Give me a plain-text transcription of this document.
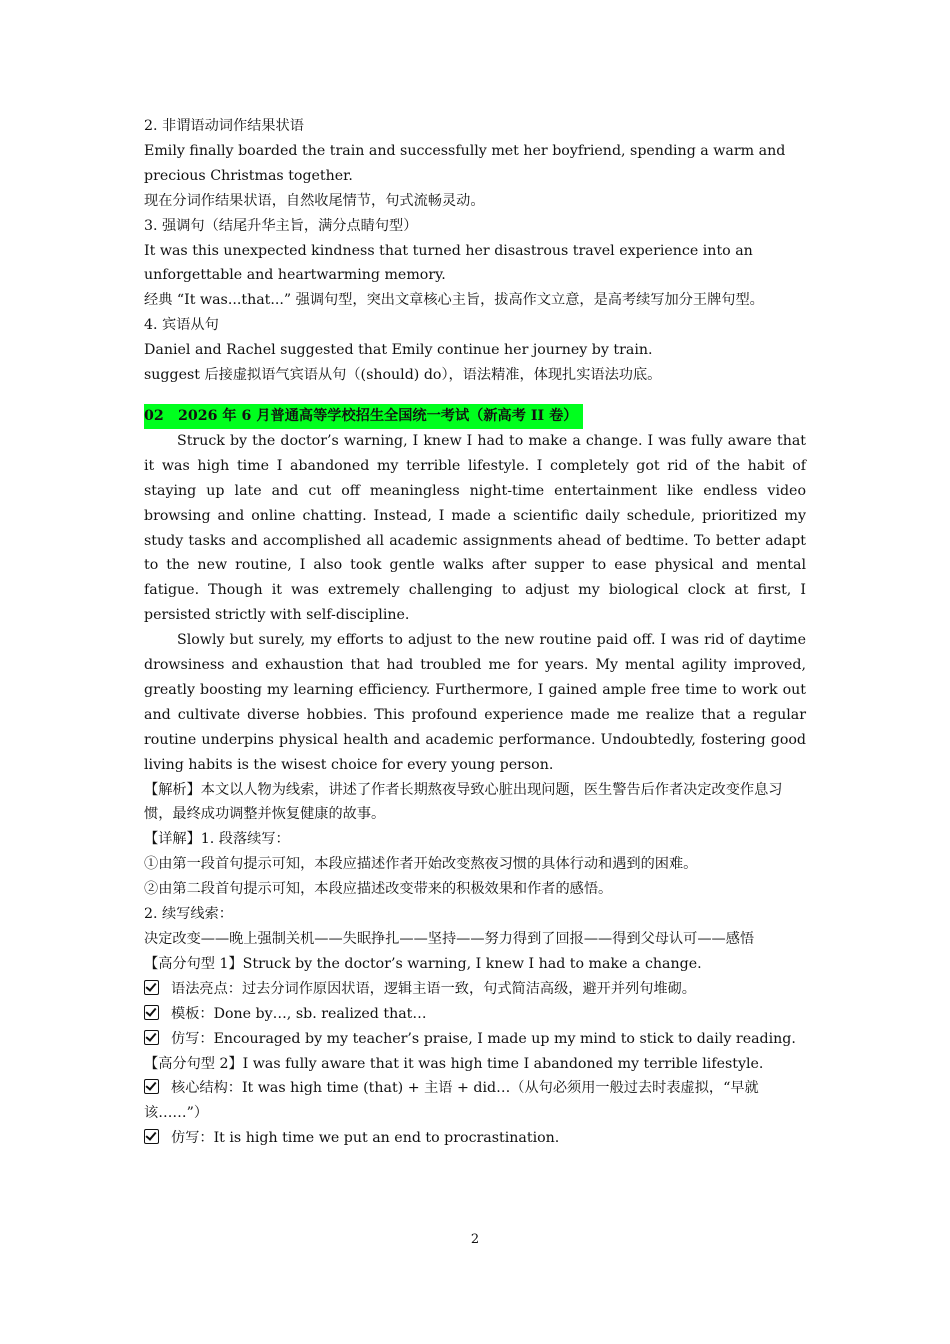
2. 非谓语动词作结果状语

Emily finally boarded the train and successfully met her boyfriend, spending a warm and precious Christmas together.

现在分词作结果状语，自然收尾情节，句式流畅灵动。

3. 强调句（结尾升华主旨，满分点睛句型）

It was this unexpected kindness that turned her disastrous travel experience into an unforgettable and heartwarming memory.

经典 “It was...that...” 强调句型，突出文章核心主旨，拔高作文立意，是高考续写加分王牌句型。

4. 宾语从句

Daniel and Rachel suggested that Emily continue her journey by train.

suggest 后接虚拟语气宾语从句（(should) do），语法精准，体现扎实语法功底。

02 2026 年 6 月普通高等学校招生全国统一考试（新高考 II 卷）

Struck by the doctor’s warning, I knew I had to make a change. I was fully aware that it was high time I abandoned my terrible lifestyle. I completely got rid of the habit of staying up late and cut off meaningless night-time entertainment like endless video browsing and online chatting. Instead, I made a scientific daily schedule, prioritized my study tasks and accomplished all academic assignments ahead of bedtime. To better adapt to the new routine, I also took gentle walks after supper to ease physical and mental fatigue. Though it was extremely challenging to adjust my biological clock at first, I persisted strictly with self-discipline.

Slowly but surely, my efforts to adjust to the new routine paid off. I was rid of daytime drowsiness and exhaustion that had troubled me for years. My mental agility improved, greatly boosting my learning efficiency. Furthermore, I gained ample free time to work out and cultivate diverse hobbies. This profound experience made me realize that a regular routine underpins physical health and academic performance. Undoubtedly, fostering good living habits is the wisest choice for every young person.

【解析】本文以人物为线索，讲述了作者长期熬夜导致心脏出现问题，医生警告后作者决定改变作息习惯，最终成功调整并恢复健康的故事。

【详解】1. 段落续写：

①由第一段首句提示可知，本段应描述作者开始改变熬夜习惯的具体行动和遇到的困难。

②由第二段首句提示可知，本段应描述改变带来的积极效果和作者的感悟。

2. 续写线索：

决定改变——晚上强制关机——失眠挣扎——坚持——努力得到了回报——得到父母认可——感悟

【高分句型 1】Struck by the doctor’s warning, I knew I had to make a change.

语法亮点：过去分词作原因状语，逻辑主语一致，句式简洁高级，避开并列句堆砌。

模板：Done by…, sb. realized that…

仿写：Encouraged by my teacher’s praise, I made up my mind to stick to daily reading.

【高分句型 2】I was fully aware that it was high time I abandoned my terrible lifestyle.

核心结构：It was high time (that) + 主语 + did…（从句必须用一般过去时表虚拟，“早就该……”）

仿写：It is high time we put an end to procrastination.

2
